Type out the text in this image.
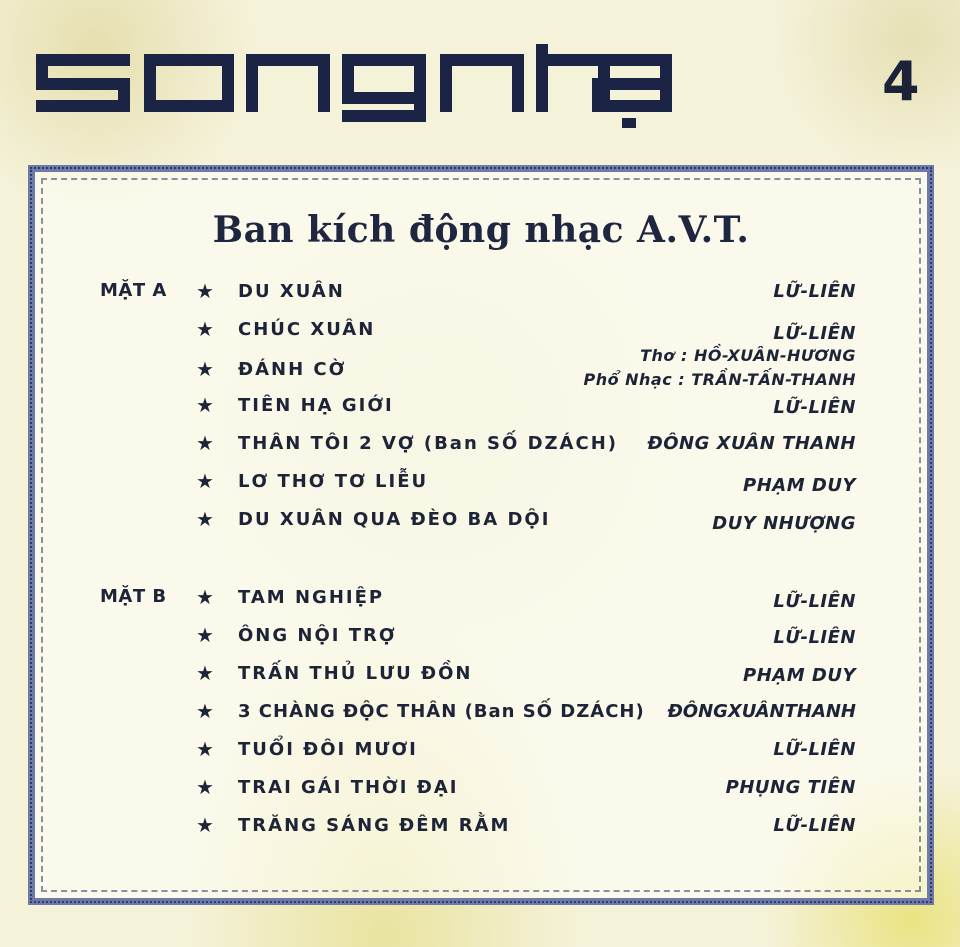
4
Ban kích động nhạc A.V.T.
MẶT A ★ DU XUÂN	LỮ-LIÊN
★ CHÚC XUÂN	LỮ-LIÊN
★ ĐÁNH CỜ
Thơ : HỒ-XUÂN-HƯƠNG
Phổ Nhạc : TRẦN-TẤN-THANH
★ TIÊN HẠ GIỚI	LỮ-LIÊN
★ THÂN TÔI 2 VỢ (Ban SỐ DZÁCH) ĐÔNG XUÂN THANH
★ LƠ THƠ TƠ LIỄU	PHẠM DUY
★ DU XUÂN QUA ĐÈO BA DỘI	DUY NHƯỢNG
MẶT B ★ TAM NGHIỆP	LỮ-LIÊN
★ ÔNG NỘI TRỢ	LỮ-LIÊN
★ TRẤN THỦ LƯU ĐỒN	PHẠM DUY
★ 3 CHÀNG ĐỘC THÂN (Ban SỐ DZÁCH) ĐÔNGXUÂNTHANH
★ TUỔI ĐÔI MƯƠI	LỮ-LIÊN
★ TRAI GÁI THỜI ĐẠI	PHỤNG TIÊN
★ TRĂNG SÁNG ĐÊM RẰM	LỮ-LIÊN
